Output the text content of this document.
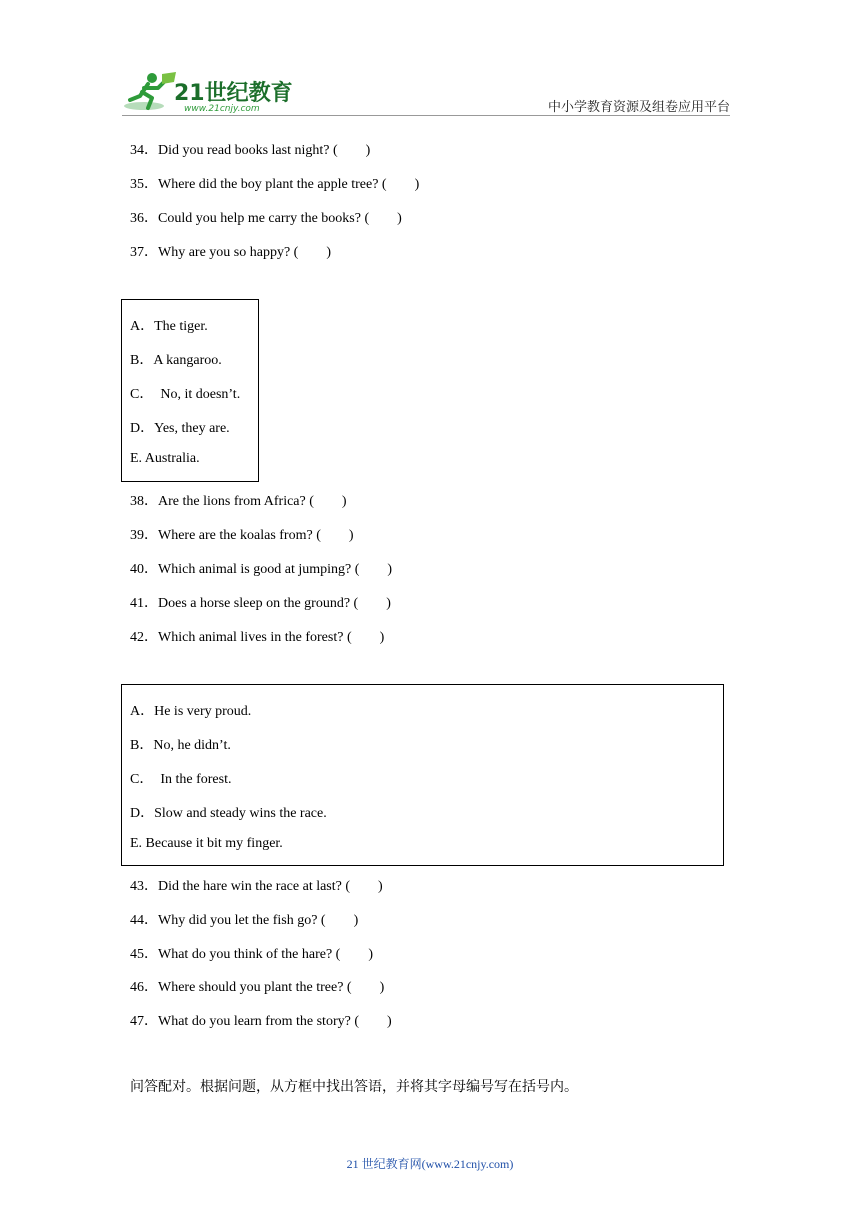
21世纪教育
www.21cnjy.com	中小学教育资源及组卷应用平台
34．Did you read books last night? (　　)
35．Where did the boy plant the apple tree? (　　)
36．Could you help me carry the books? (　　)
37．Why are you so happy? (　　)
A．The tiger.
B．A kangaroo.
C．　No, it doesn’t.
D．Yes, they are.
E. Australia.
38．Are the lions from Africa? (　　)
39．Where are the koalas from? (　　)
40．Which animal is good at jumping? (　　)
41．Does a horse sleep on the ground? (　　)
42．Which animal lives in the forest? (　　)
A．He is very proud.
B．No, he didn’t.
C．　In the forest.
D．Slow and steady wins the race.
E. Because it bit my finger.
43．Did the hare win the race at last? (　　)
44．Why did you let the fish go? (　　)
45．What do you think of the hare? (　　)
46．Where should you plant the tree? (　　)
47．What do you learn from the story? (　　)
问答配对。根据问题，从方框中找出答语，并将其字母编号写在括号内。
21 世纪教育网(www.21cnjy.com)
